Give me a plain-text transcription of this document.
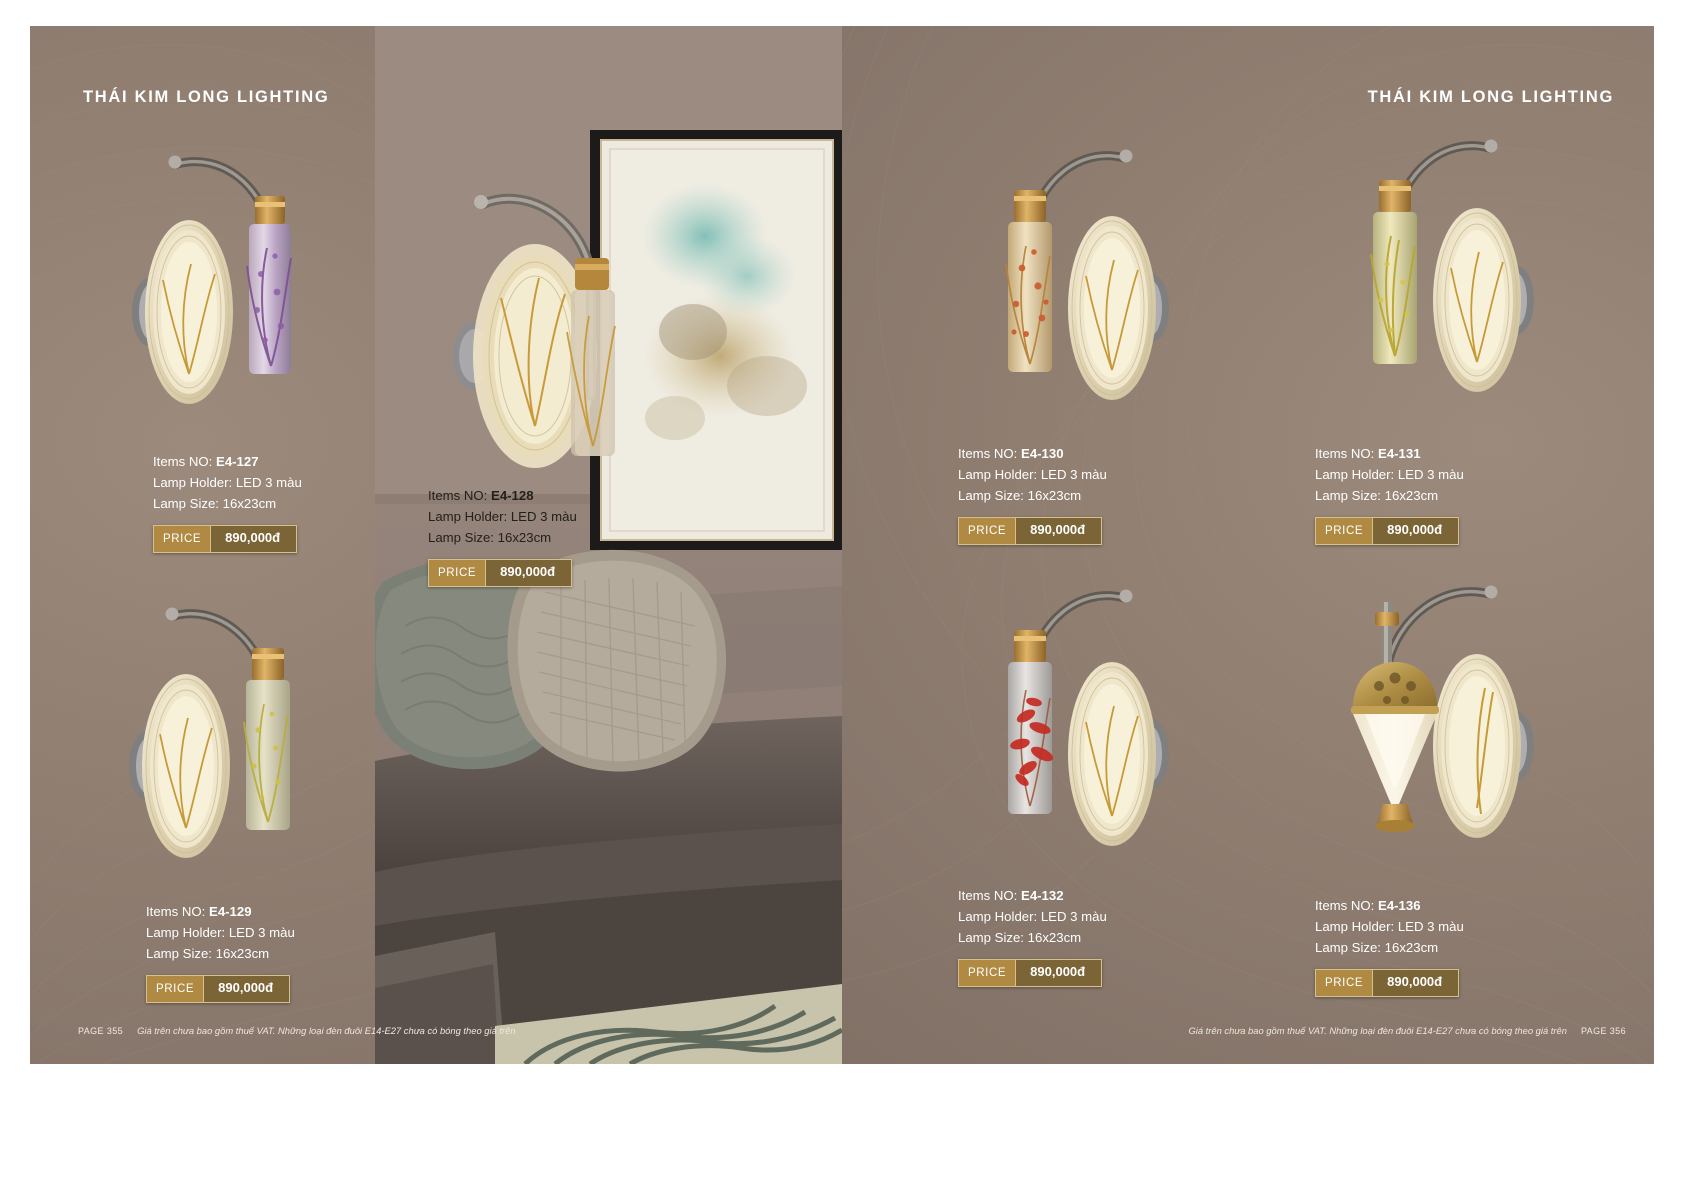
THÁI KIM LONG LIGHTING
Items NO: E4-127
Lamp Holder: LED 3 màu
Lamp Size: 16x23cm
PRICE	890,000đ
Items NO: E4-129
Lamp Holder: LED 3 màu
Lamp Size: 16x23cm
PRICE	890,000đ
Items NO: E4-128
Lamp Holder: LED 3 màu
Lamp Size: 16x23cm
PRICE	890,000đ
PAGE 355 Giá trên chưa bao gồm thuế VAT. Những loại đèn đuôi E14-E27 chưa có bóng theo giá trên
THÁI KIM LONG LIGHTING
Items NO: E4-130
Lamp Holder: LED 3 màu
Lamp Size: 16x23cm
PRICE	890,000đ
Items NO: E4-131
Lamp Holder: LED 3 màu
Lamp Size: 16x23cm
PRICE	890,000đ
Items NO: E4-132
Lamp Holder: LED 3 màu
Lamp Size: 16x23cm
PRICE	890,000đ
Items NO: E4-136
Lamp Holder: LED 3 màu
Lamp Size: 16x23cm
PRICE	890,000đ
Giá trên chưa bao gồm thuế VAT. Những loại đèn đuôi E14-E27 chưa có bóng theo giá trên PAGE 356
